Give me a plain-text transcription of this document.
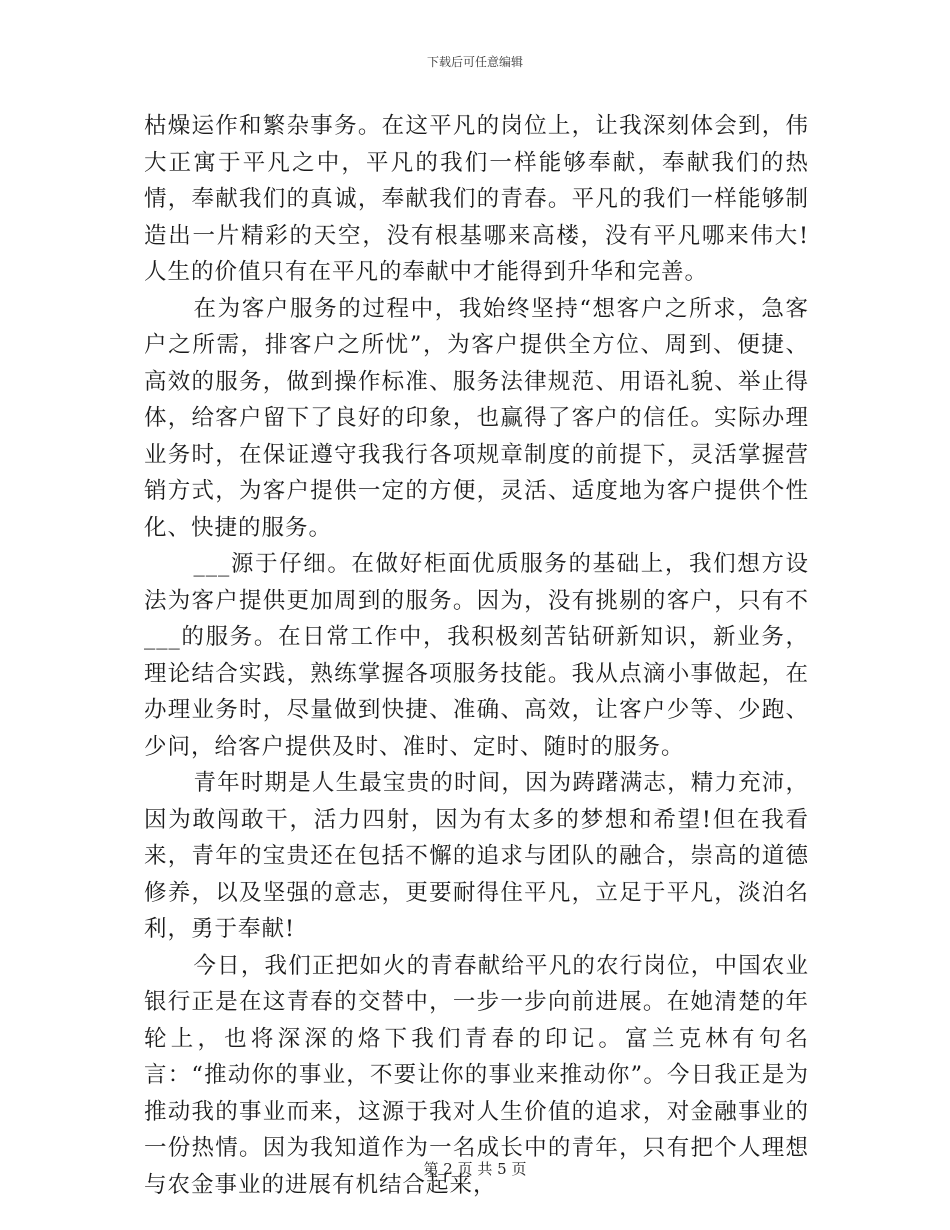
下载后可任意编辑

枯燥运作和繁杂事务。在这平凡的岗位上，让我深刻体会到，伟大正寓于平凡之中，平凡的我们一样能够奉献，奉献我们的热情，奉献我们的真诚，奉献我们的青春。平凡的我们一样能够制造出一片精彩的天空，没有根基哪来高楼，没有平凡哪来伟大!人生的价值只有在平凡的奉献中才能得到升华和完善。

在为客户服务的过程中，我始终坚持“想客户之所求，急客户之所需，排客户之所忧”，为客户提供全方位、周到、便捷、高效的服务，做到操作标准、服务法律规范、用语礼貌、举止得体，给客户留下了良好的印象，也赢得了客户的信任。实际办理业务时，在保证遵守我我行各项规章制度的前提下，灵活掌握营销方式，为客户提供一定的方便，灵活、适度地为客户提供个性化、快捷的服务。

___源于仔细。在做好柜面优质服务的基础上，我们想方设法为客户提供更加周到的服务。因为，没有挑剔的客户，只有不___的服务。在日常工作中，我积极刻苦钻研新知识，新业务，理论结合实践，熟练掌握各项服务技能。我从点滴小事做起，在办理业务时，尽量做到快捷、准确、高效，让客户少等、少跑、少问，给客户提供及时、准时、定时、随时的服务。

青年时期是人生最宝贵的时间，因为踌躇满志，精力充沛，因为敢闯敢干，活力四射，因为有太多的梦想和希望!但在我看来，青年的宝贵还在包括不懈的追求与团队的融合，崇高的道德修养，以及坚强的意志，更要耐得住平凡，立足于平凡，淡泊名利，勇于奉献!

今日，我们正把如火的青春献给平凡的农行岗位，中国农业银行正是在这青春的交替中，一步一步向前进展。在她清楚的年轮上，也将深深的烙下我们青春的印记。富兰克林有句名言：“推动你的事业，不要让你的事业来推动你”。今日我正是为推动我的事业而来，这源于我对人生价值的追求，对金融事业的一份热情。因为我知道作为一名成长中的青年，只有把个人理想与农金事业的进展有机结合起来，

第 2 页 共 5 页
